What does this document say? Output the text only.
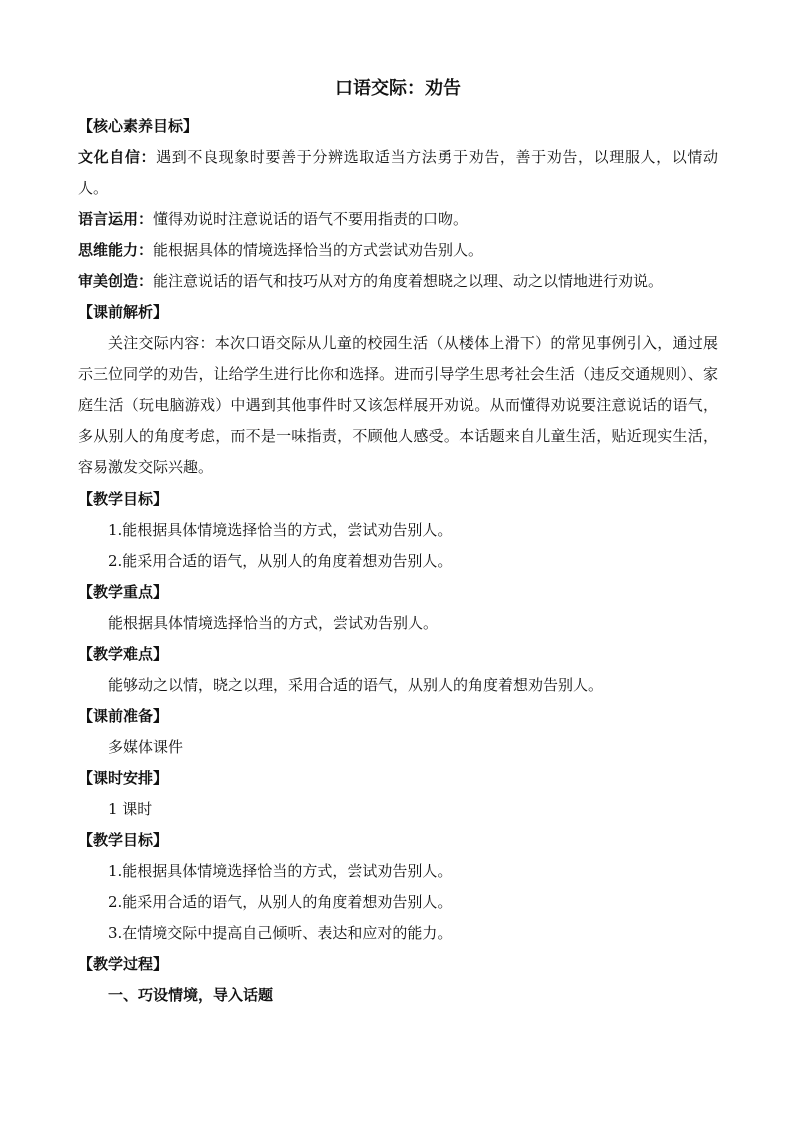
口语交际：劝告
【核心素养目标】
文化自信：遇到不良现象时要善于分辨选取适当方法勇于劝告，善于劝告，以理服人，以情动人。
语言运用：懂得劝说时注意说话的语气不要用指责的口吻。
思维能力：能根据具体的情境选择恰当的方式尝试劝告别人。
审美创造：能注意说话的语气和技巧从对方的角度着想晓之以理、动之以情地进行劝说。
【课前解析】
关注交际内容：本次口语交际从儿童的校园生活（从楼体上滑下）的常见事例引入，通过展示三位同学的劝告，让给学生进行比你和选择。进而引导学生思考社会生活（违反交通规则）、家庭生活（玩电脑游戏）中遇到其他事件时又该怎样展开劝说。从而懂得劝说要注意说话的语气，多从别人的角度考虑，而不是一味指责，不顾他人感受。本话题来自儿童生活，贴近现实生活，容易激发交际兴趣。
【教学目标】
1.能根据具体情境选择恰当的方式，尝试劝告别人。
2.能采用合适的语气，从别人的角度着想劝告别人。
【教学重点】
能根据具体情境选择恰当的方式，尝试劝告别人。
【教学难点】
能够动之以情，晓之以理，采用合适的语气，从别人的角度着想劝告别人。
【课前准备】
多媒体课件
【课时安排】
1 课时
【教学目标】
1.能根据具体情境选择恰当的方式，尝试劝告别人。
2.能采用合适的语气，从别人的角度着想劝告别人。
3.在情境交际中提高自己倾听、表达和应对的能力。
【教学过程】
一、巧设情境，导入话题
